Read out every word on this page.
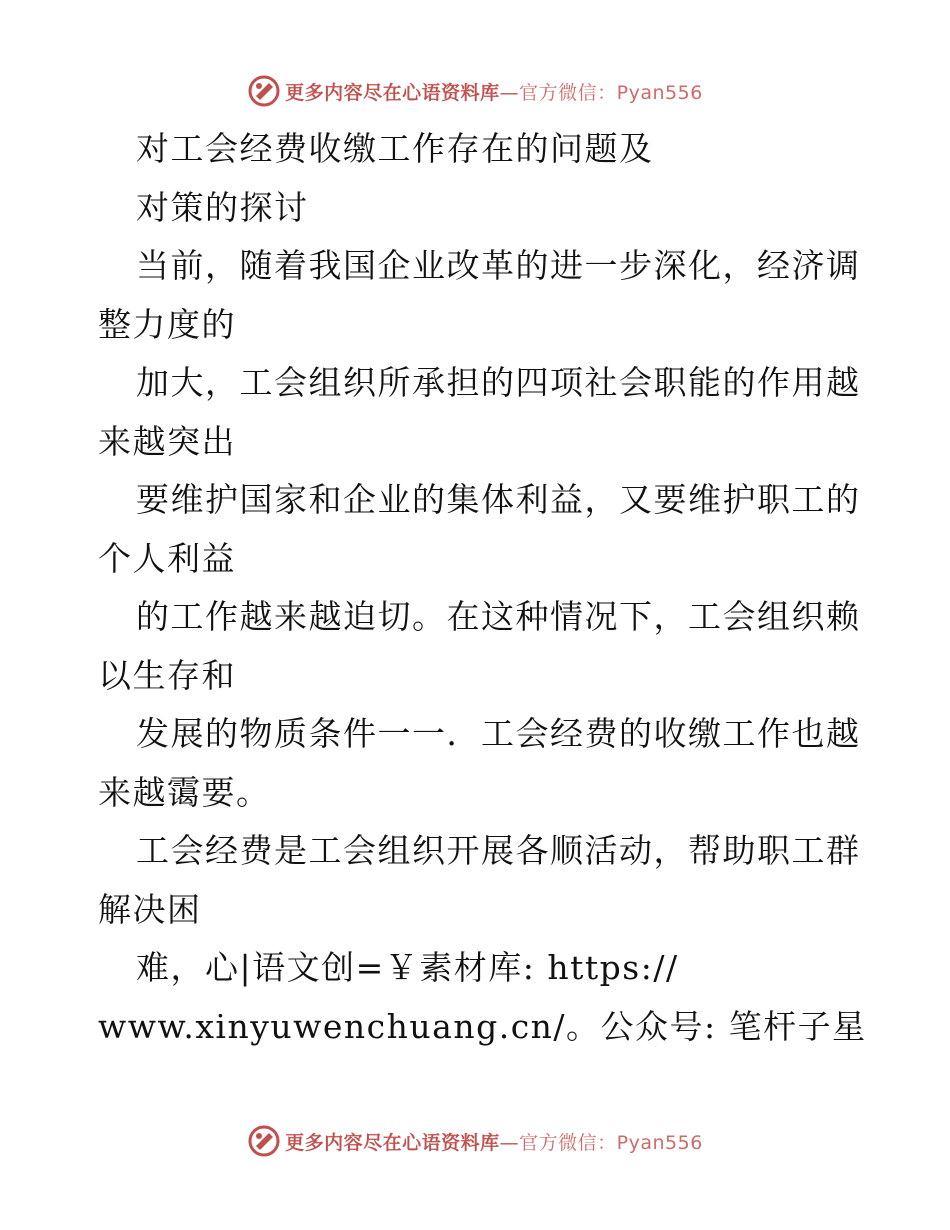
更多内容尽在心语资料库—官方微信：Pyan556
对工会经费收缴工作存在的问题及
对策的探讨
当前，随着我国企业改革的进一步深化，经济调
整力度的
加大，工会组织所承担的四项社会职能的作用越
来越突出
要维护国家和企业的集体利益，又要维护职工的
个人利益
的工作越来越迫切。在这种情况下，工会组织赖
以生存和
发展的物质条件一一．工会经费的收缴工作也越
来越霭要。
工会经费是工会组织开展各顺活动，帮助职工群
解决困
难，心|语文创=￥素材库: https://
www.xinyuwenchuang.cn/。公众号: 笔杆子星
更多内容尽在心语资料库—官方微信：Pyan556
